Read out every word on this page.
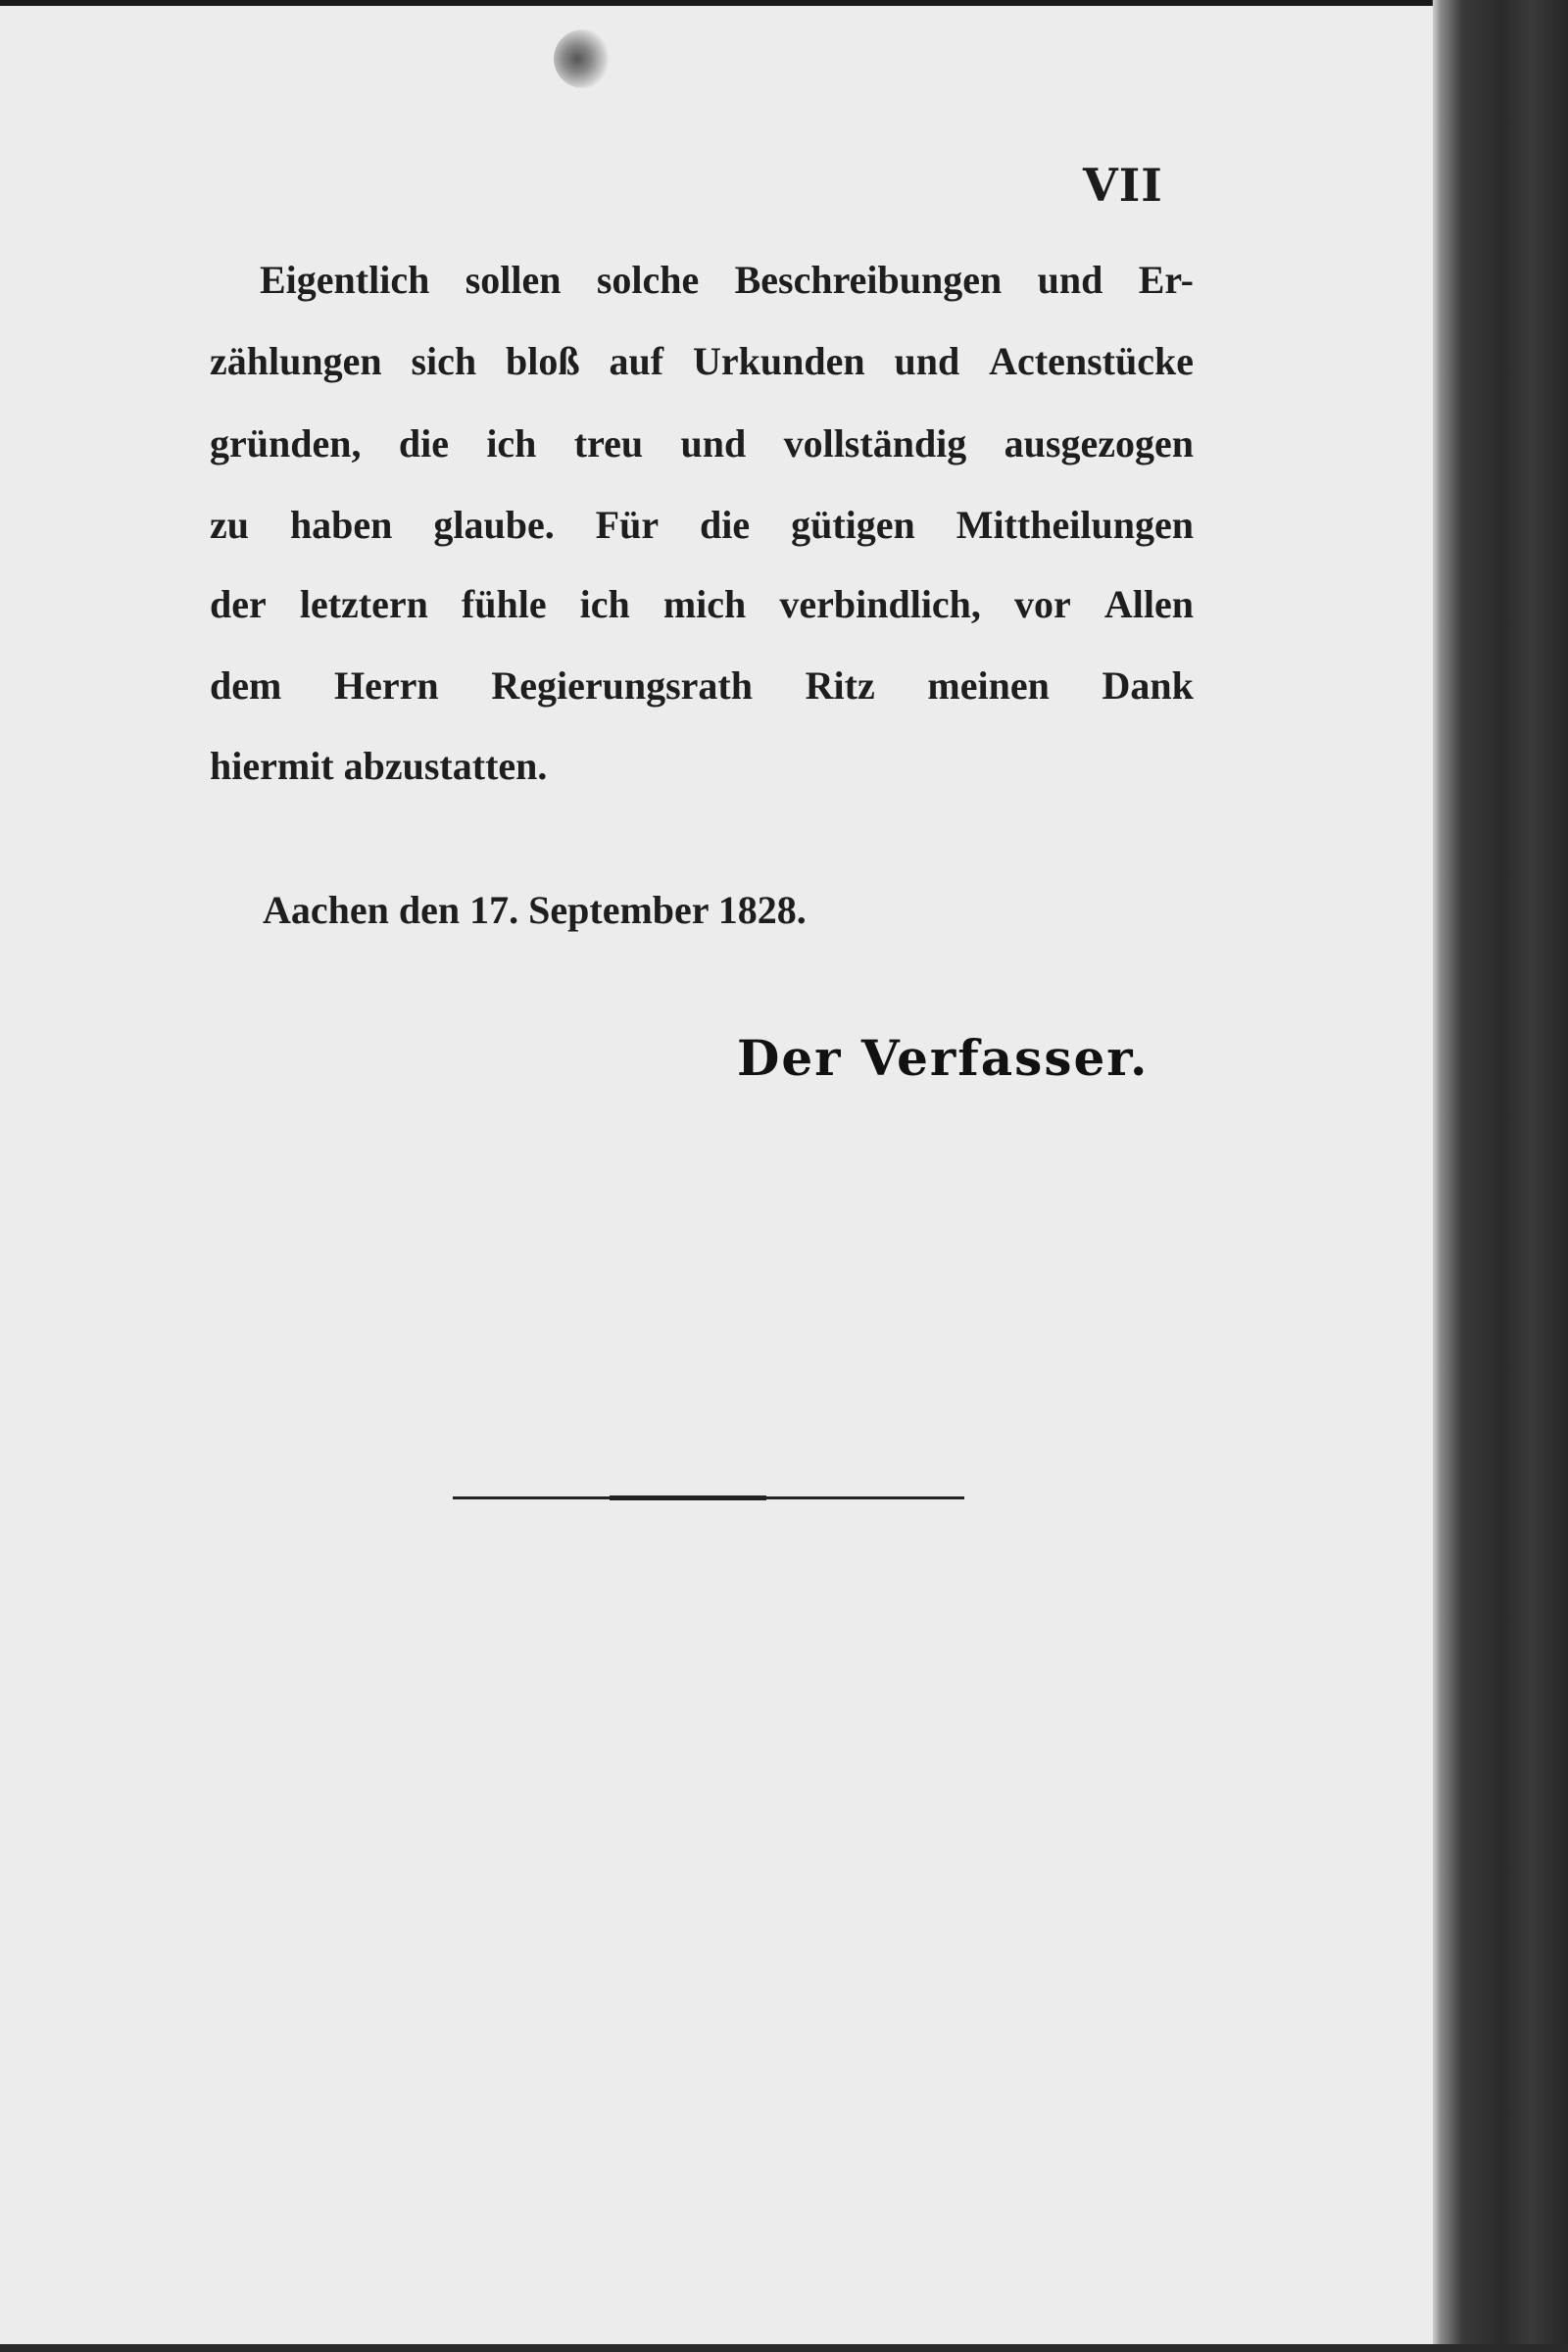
VII
Eigentlich sollen solche Beschreibungen und Er-
zählungen sich bloß auf Urkunden und Actenstücke
gründen, die ich treu und vollständig ausgezogen
zu haben glaube. Für die gütigen Mittheilungen
der letztern fühle ich mich verbindlich, vor Allen
dem Herrn Regierungsrath Ritz meinen Dank
hiermit abzustatten.
Aachen den 17. September 1828.
Der Verfasser.
